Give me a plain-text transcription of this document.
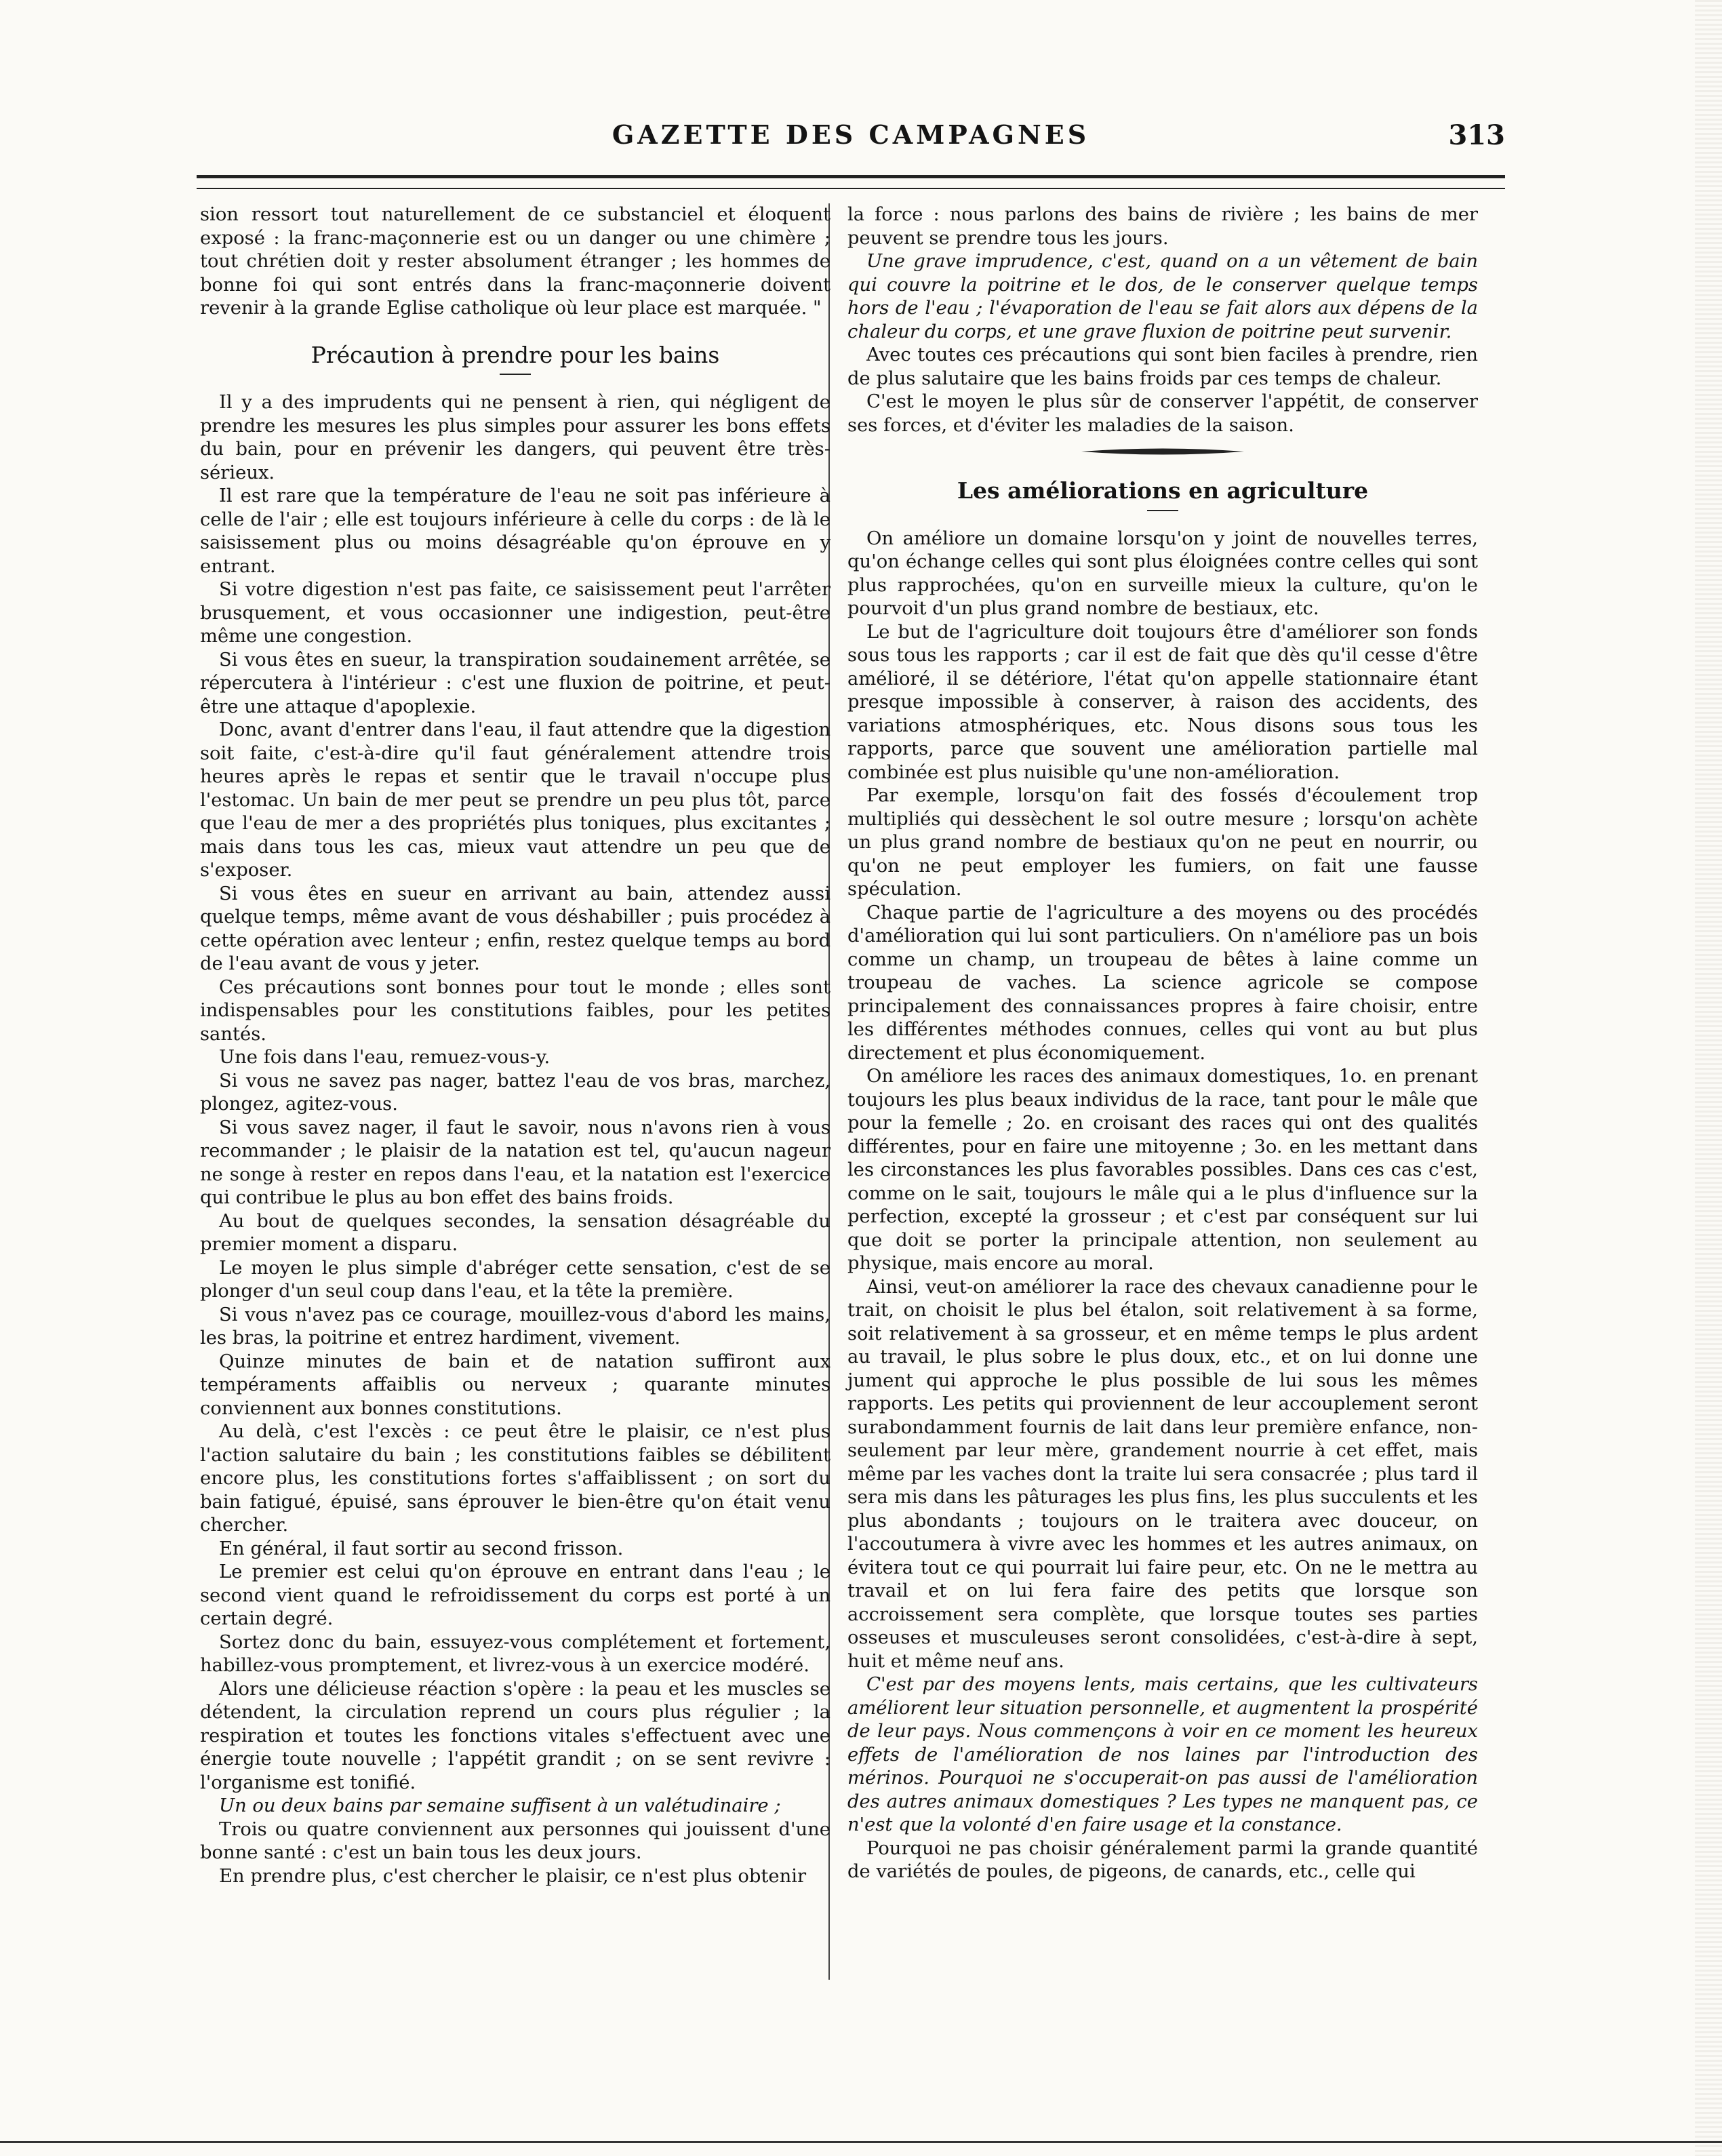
GAZETTE DES CAMPAGNES	313

sion ressort tout naturellement de ce substanciel et éloquent exposé : la franc-maçonnerie est ou un danger ou une chimère ; tout chrétien doit y rester absolument étranger ; les hommes de bonne foi qui sont entrés dans la franc-maçonnerie doivent revenir à la grande Eglise catholique où leur place est marquée. "

Précaution à prendre pour les bains

Il y a des imprudents qui ne pensent à rien, qui négligent de prendre les mesures les plus simples pour assurer les bons effets du bain, pour en prévenir les dangers, qui peuvent être très-sérieux.

Il est rare que la température de l'eau ne soit pas inférieure à celle de l'air ; elle est toujours inférieure à celle du corps : de là le saisissement plus ou moins désagréable qu'on éprouve en y entrant.

Si votre digestion n'est pas faite, ce saisissement peut l'arrêter brusquement, et vous occasionner une indigestion, peut-être même une congestion.

Si vous êtes en sueur, la transpiration soudainement arrêtée, se répercutera à l'intérieur : c'est une fluxion de poitrine, et peut-être une attaque d'apoplexie.

Donc, avant d'entrer dans l'eau, il faut attendre que la digestion soit faite, c'est-à-dire qu'il faut généralement attendre trois heures après le repas et sentir que le travail n'occupe plus l'estomac. Un bain de mer peut se prendre un peu plus tôt, parce que l'eau de mer a des propriétés plus toniques, plus excitantes ; mais dans tous les cas, mieux vaut attendre un peu que de s'exposer.

Si vous êtes en sueur en arrivant au bain, attendez aussi quelque temps, même avant de vous déshabiller ; puis procédez à cette opération avec lenteur ; enfin, restez quelque temps au bord de l'eau avant de vous y jeter.

Ces précautions sont bonnes pour tout le monde ; elles sont indispensables pour les constitutions faibles, pour les petites santés.

Une fois dans l'eau, remuez-vous-y.

Si vous ne savez pas nager, battez l'eau de vos bras, marchez, plongez, agitez-vous.

Si vous savez nager, il faut le savoir, nous n'avons rien à vous recommander ; le plaisir de la natation est tel, qu'aucun nageur ne songe à rester en repos dans l'eau, et la natation est l'exercice qui contribue le plus au bon effet des bains froids.

Au bout de quelques secondes, la sensation désagréable du premier moment a disparu.

Le moyen le plus simple d'abréger cette sensation, c'est de se plonger d'un seul coup dans l'eau, et la tête la première.

Si vous n'avez pas ce courage, mouillez-vous d'abord les mains, les bras, la poitrine et entrez hardiment, vivement.

Quinze minutes de bain et de natation suffiront aux tempéraments affaiblis ou nerveux ; quarante minutes conviennent aux bonnes constitutions.

Au delà, c'est l'excès : ce peut être le plaisir, ce n'est plus l'action salutaire du bain ; les constitutions faibles se débilitent encore plus, les constitutions fortes s'affaiblissent ; on sort du bain fatigué, épuisé, sans éprouver le bien-être qu'on était venu chercher.

En général, il faut sortir au second frisson.

Le premier est celui qu'on éprouve en entrant dans l'eau ; le second vient quand le refroidissement du corps est porté à un certain degré.

Sortez donc du bain, essuyez-vous complétement et fortement, habillez-vous promptement, et livrez-vous à un exercice modéré.

Alors une délicieuse réaction s'opère : la peau et les muscles se détendent, la circulation reprend un cours plus régulier ; la respiration et toutes les fonctions vitales s'effectuent avec une énergie toute nouvelle ; l'appétit grandit ; on se sent revivre : l'organisme est tonifié.

Un ou deux bains par semaine suffisent à un valétudinaire ;

Trois ou quatre conviennent aux personnes qui jouissent d'une bonne santé : c'est un bain tous les deux jours.

En prendre plus, c'est chercher le plaisir, ce n'est plus obtenir

la force : nous parlons des bains de rivière ; les bains de mer peuvent se prendre tous les jours.

Une grave imprudence, c'est, quand on a un vêtement de bain qui couvre la poitrine et le dos, de le conserver quelque temps hors de l'eau ; l'évaporation de l'eau se fait alors aux dépens de la chaleur du corps, et une grave fluxion de poitrine peut survenir.

Avec toutes ces précautions qui sont bien faciles à prendre, rien de plus salutaire que les bains froids par ces temps de chaleur.

C'est le moyen le plus sûr de conserver l'appétit, de conserver ses forces, et d'éviter les maladies de la saison.

Les améliorations en agriculture

On améliore un domaine lorsqu'on y joint de nouvelles terres, qu'on échange celles qui sont plus éloignées contre celles qui sont plus rapprochées, qu'on en surveille mieux la culture, qu'on le pourvoit d'un plus grand nombre de bestiaux, etc.

Le but de l'agriculture doit toujours être d'améliorer son fonds sous tous les rapports ; car il est de fait que dès qu'il cesse d'être amélioré, il se détériore, l'état qu'on appelle stationnaire étant presque impossible à conserver, à raison des accidents, des variations atmosphériques, etc. Nous disons sous tous les rapports, parce que souvent une amélioration partielle mal combinée est plus nuisible qu'une non-amélioration.

Par exemple, lorsqu'on fait des fossés d'écoulement trop multipliés qui dessèchent le sol outre mesure ; lorsqu'on achète un plus grand nombre de bestiaux qu'on ne peut en nourrir, ou qu'on ne peut employer les fumiers, on fait une fausse spéculation.

Chaque partie de l'agriculture a des moyens ou des procédés d'amélioration qui lui sont particuliers. On n'améliore pas un bois comme un champ, un troupeau de bêtes à laine comme un troupeau de vaches. La science agricole se compose principalement des connaissances propres à faire choisir, entre les différentes méthodes connues, celles qui vont au but plus directement et plus économiquement.

On améliore les races des animaux domestiques, 1o. en prenant toujours les plus beaux individus de la race, tant pour le mâle que pour la femelle ; 2o. en croisant des races qui ont des qualités différentes, pour en faire une mitoyenne ; 3o. en les mettant dans les circonstances les plus favorables possibles. Dans ces cas c'est, comme on le sait, toujours le mâle qui a le plus d'influence sur la perfection, excepté la grosseur ; et c'est par conséquent sur lui que doit se porter la principale attention, non seulement au physique, mais encore au moral.

Ainsi, veut-on améliorer la race des chevaux canadienne pour le trait, on choisit le plus bel étalon, soit relativement à sa forme, soit relativement à sa grosseur, et en même temps le plus ardent au travail, le plus sobre le plus doux, etc., et on lui donne une jument qui approche le plus possible de lui sous les mêmes rapports. Les petits qui proviennent de leur accouplement seront surabondamment fournis de lait dans leur première enfance, non-seulement par leur mère, grandement nourrie à cet effet, mais même par les vaches dont la traite lui sera consacrée ; plus tard il sera mis dans les pâturages les plus fins, les plus succulents et les plus abondants ; toujours on le traitera avec douceur, on l'accoutumera à vivre avec les hommes et les autres animaux, on évitera tout ce qui pourrait lui faire peur, etc. On ne le mettra au travail et on lui fera faire des petits que lorsque son accroissement sera complète, que lorsque toutes ses parties osseuses et musculeuses seront consolidées, c'est-à-dire à sept, huit et même neuf ans.

C'est par des moyens lents, mais certains, que les cultivateurs améliorent leur situation personnelle, et augmentent la prospérité de leur pays. Nous commençons à voir en ce moment les heureux effets de l'amélioration de nos laines par l'introduction des mérinos. Pourquoi ne s'occuperait-on pas aussi de l'amélioration des autres animaux domestiques ? Les types ne manquent pas, ce n'est que la volonté d'en faire usage et la constance.

Pourquoi ne pas choisir généralement parmi la grande quantité de variétés de poules, de pigeons, de canards, etc., celle qui
